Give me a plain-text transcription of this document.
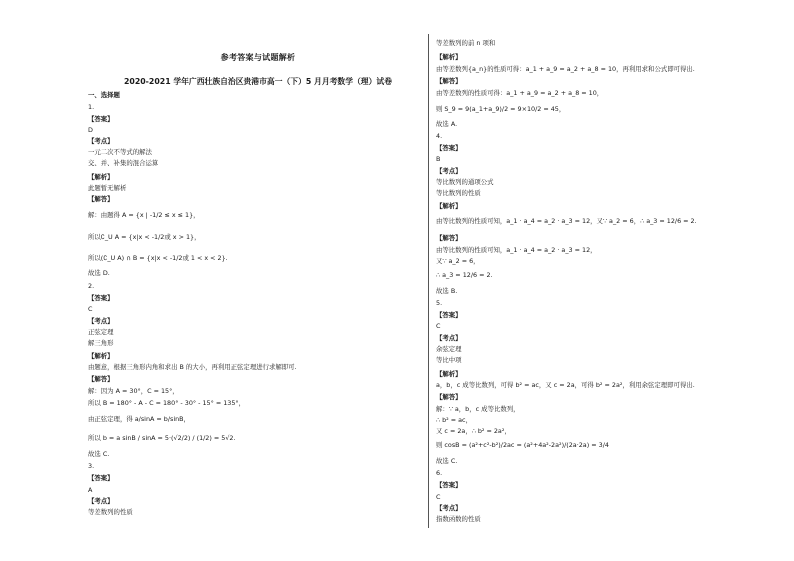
参考答案与试题解析
2020-2021 学年广西壮族自治区贵港市高一（下）5 月月考数学（理）试卷
一、选择题
1.
【答案】
D
【考点】
一元二次不等式的解法
交、并、补集的混合运算
【解析】
此题暂无解析
【解答】
解：由题得 A = {x | -1/2 ≤ x ≤ 1}，
所以∁_U A = {x|x < -1/2或 x > 1}，
所以(∁_U A) ∩ B = {x|x < -1/2或 1 < x < 2}.
故选 D.
2.
【答案】
C
【考点】
正弦定理
解三角形
【解析】
由题意，根据三角形内角和求出 B 的大小，再利用正弦定理进行求解即可.
【解答】
解：因为 A = 30°，C = 15°，
所以 B = 180° - A - C = 180° - 30° - 15° = 135°，
由正弦定理，得 a/sinA = b/sinB，
所以 b = a sinB / sinA = 5·(√2/2) / (1/2) = 5√2.
故选 C.
3.
【答案】
A
【考点】
等差数列的性质
等差数列的前 n 项和
【解析】
由等差数列{a_n}的性质可得：a_1 + a_9 = a_2 + a_8 = 10，再利用求和公式即可得出.
【解答】
由等差数列的性质可得：a_1 + a_9 = a_2 + a_8 = 10，
则 S_9 = 9(a_1+a_9)/2 = 9×10/2 = 45，
故选 A.
4.
【答案】
B
【考点】
等比数列的通项公式
等比数列的性质
【解析】
由等比数列的性质可知，a_1 · a_4 = a_2 · a_3 = 12，又∵ a_2 = 6，∴ a_3 = 12/6 = 2.
【解答】
由等比数列的性质可知，a_1 · a_4 = a_2 · a_3 = 12，
又∵ a_2 = 6，
∴ a_3 = 12/6 = 2.
故选 B.
5.
【答案】
C
【考点】
余弦定理
等比中项
【解析】
a，b，c 成等比数列，可得 b² = ac，又 c = 2a，可得 b² = 2a²，利用余弦定理即可得出.
【解答】
解：∵ a，b，c 成等比数列，
∴ b² = ac，
又 c = 2a，∴ b² = 2a²，
则 cosB = (a²+c²-b²)/2ac = (a²+4a²-2a²)/(2a·2a) = 3/4
故选 C.
6.
【答案】
C
【考点】
指数函数的性质
